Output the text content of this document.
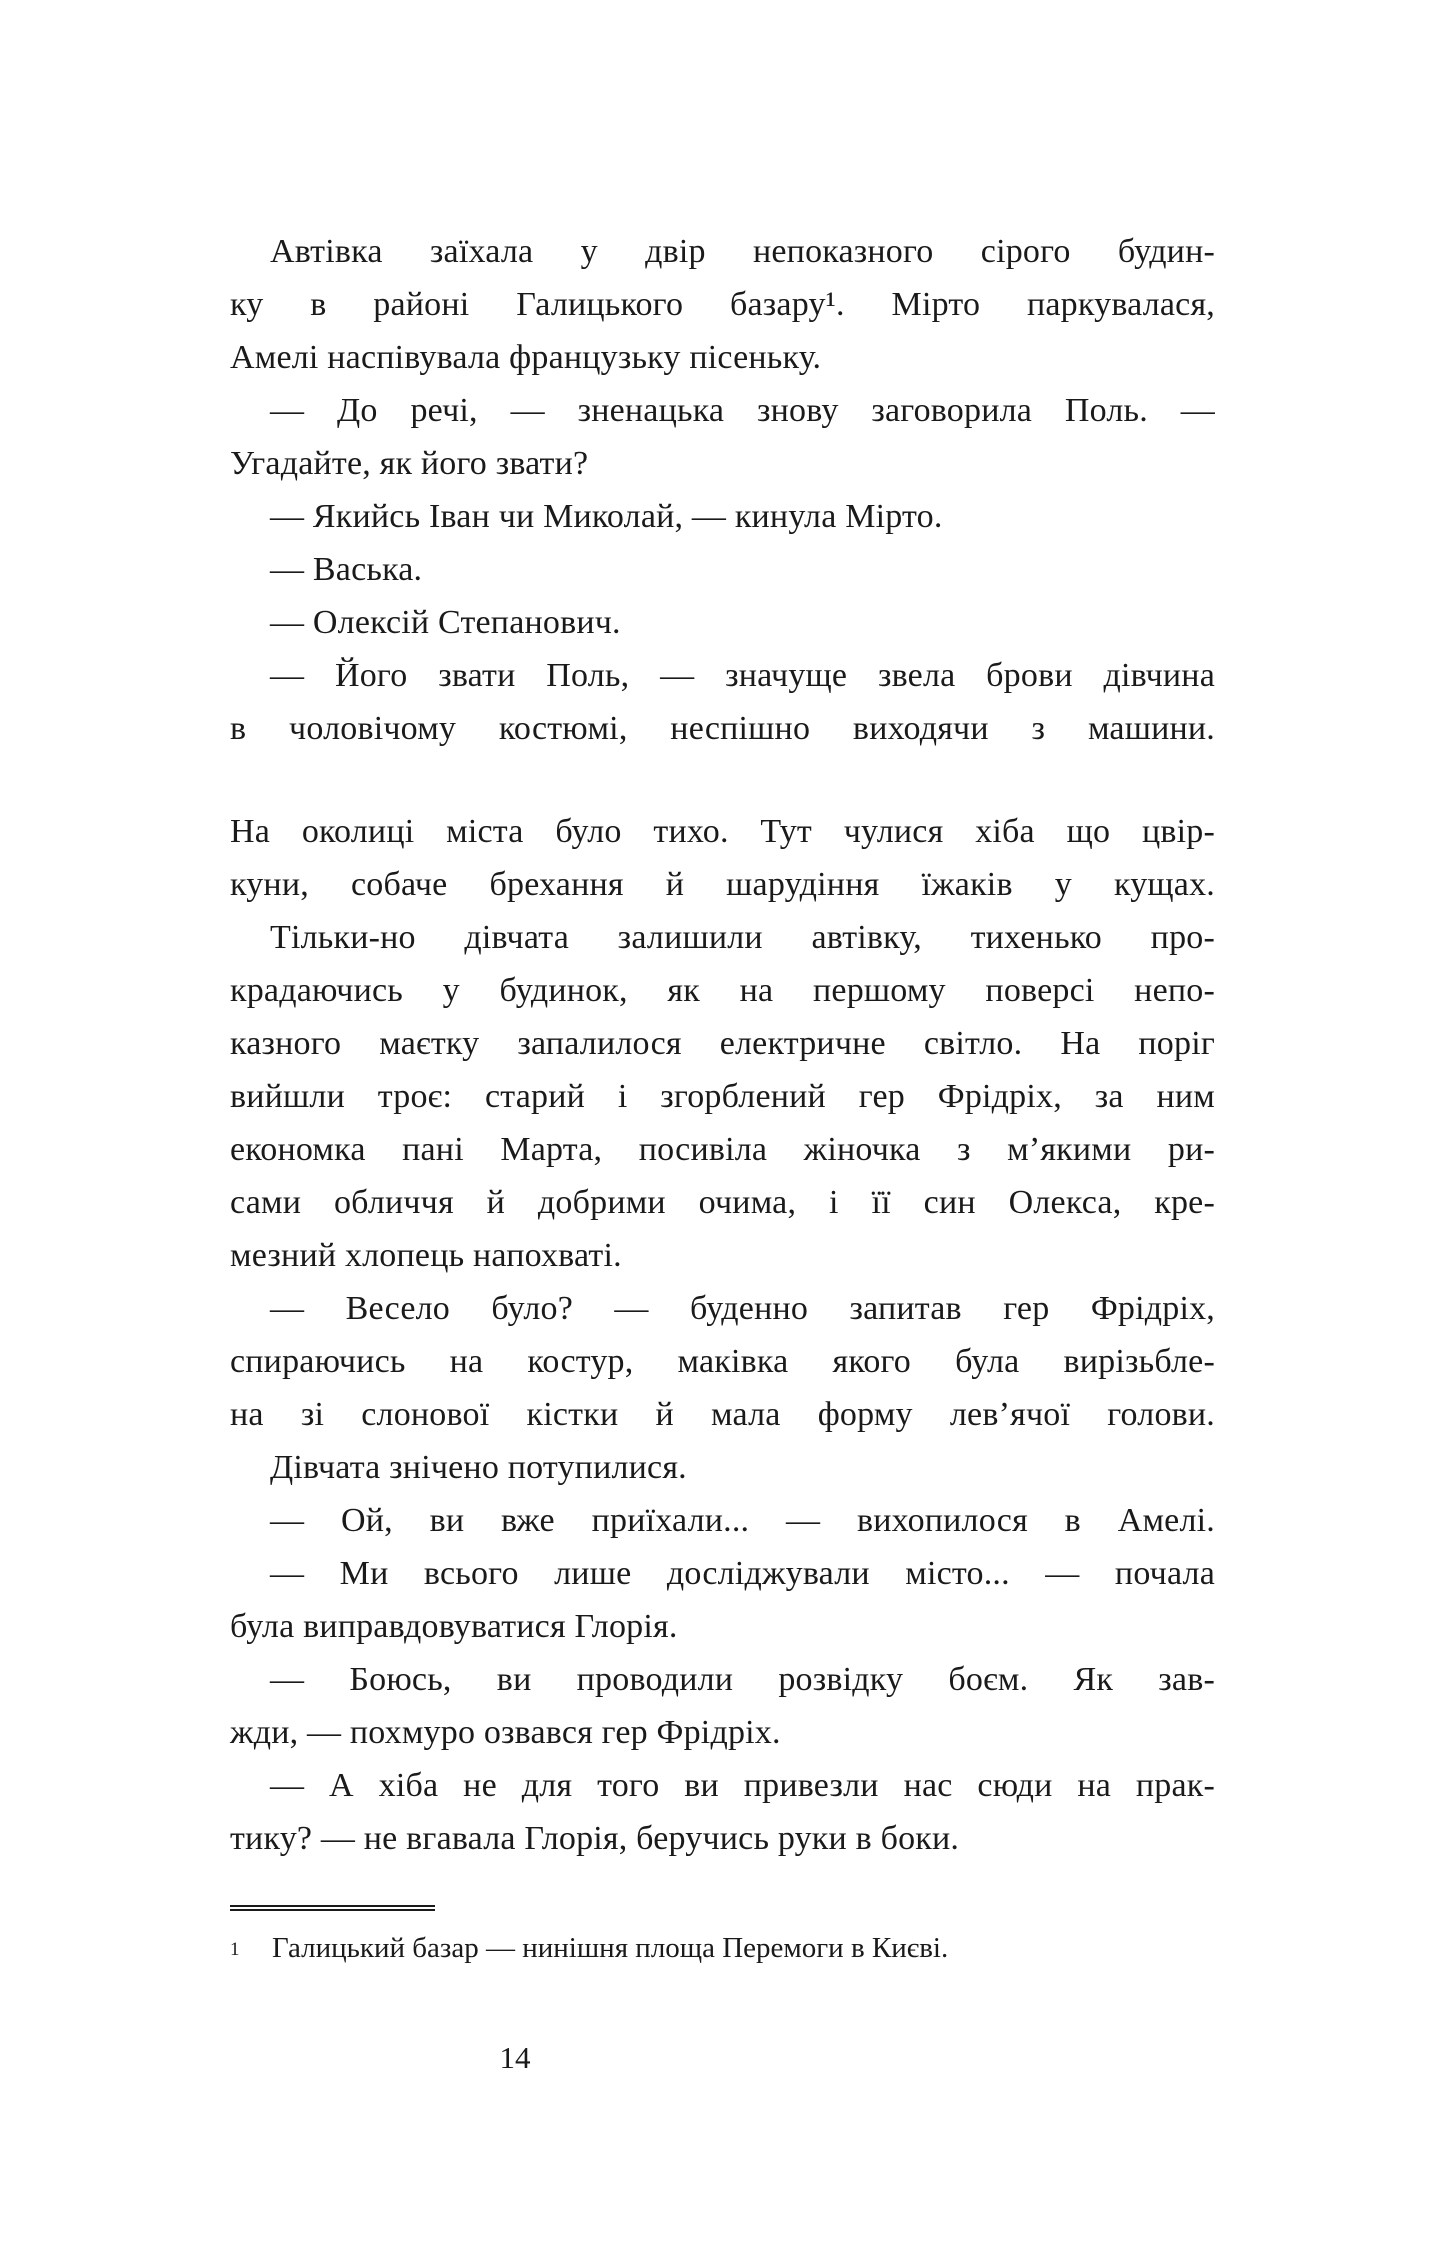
Автівка заїхала у двір непоказного сірого будин-
ку в районі Галицького базару¹. Мірто паркувалася,
Амелі наспівувала французьку пісеньку.
— До речі, — зненацька знову заговорила Поль. —
Угадайте, як його звати?
— Якийсь Іван чи Миколай, — кинула Мірто.
— Васька.
— Олексій Степанович.
— Його звати Поль, — значуще звела брови дівчина
в чоловічому костюмі, неспішно виходячи з машини.
На околиці міста було тихо. Тут чулися хіба що цвір-
куни, собаче брехання й шарудіння їжаків у кущах.
Тільки-но дівчата залишили автівку, тихенько про-
крадаючись у будинок, як на першому поверсі непо-
казного маєтку запалилося електричне світло. На поріг
вийшли троє: старий і згорблений гер Фрідріх, за ним
економка пані Марта, посивіла жіночка з м’якими ри-
сами обличчя й добрими очима, і її син Олекса, кре-
мезний хлопець напохваті.
— Весело було? — буденно запитав гер Фрідріх,
спираючись на костур, маківка якого була вирізьбле-
на зі слонової кістки й мала форму лев’ячої голови.
Дівчата знічено потупилися.
— Ой, ви вже приїхали... — вихопилося в Амелі.
— Ми всього лише досліджували місто... — почала
була виправдовуватися Глорія.
— Боюсь, ви проводили розвідку боєм. Як зав-
жди, — похмуро озвався гер Фрідріх.
— А хіба не для того ви привезли нас сюди на прак-
тику? — не вгавала Глорія, беручись руки в боки.
1 Галицький базар — нинішня площа Перемоги в Києві.
14
